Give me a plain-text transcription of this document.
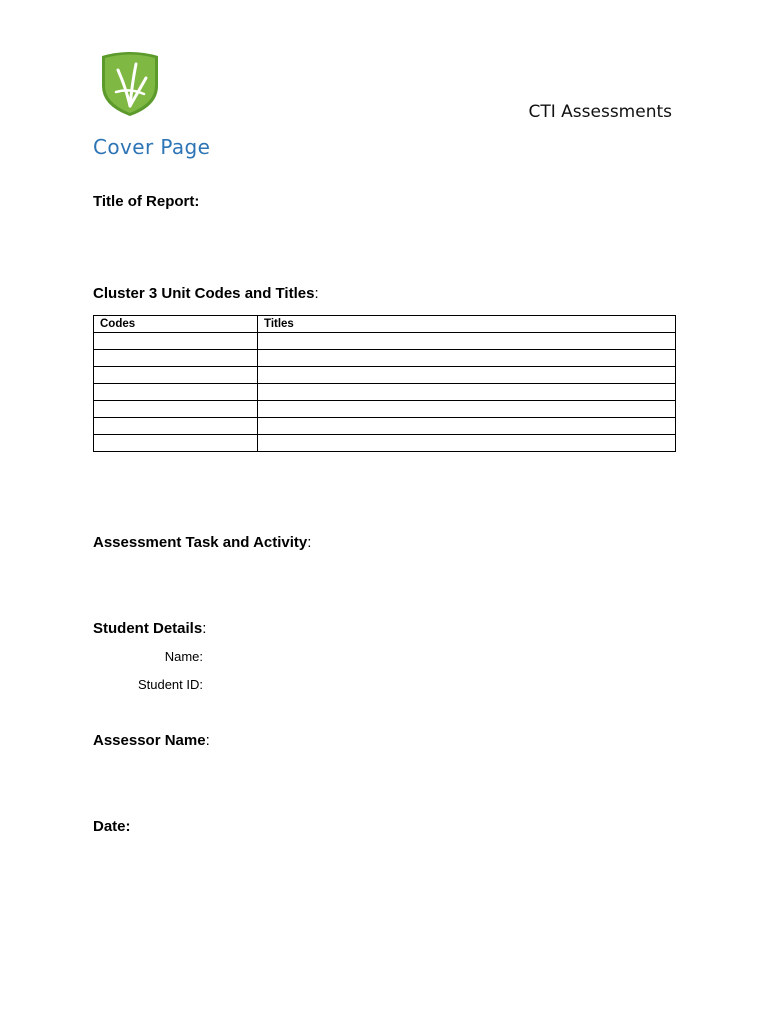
CTI Assessments
Cover Page
Title of Report:
Cluster 3 Unit Codes and Titles:
Codes	Titles

Assessment Task and Activity:
Student Details:
Name:
Student ID:
Assessor Name:
Date:
